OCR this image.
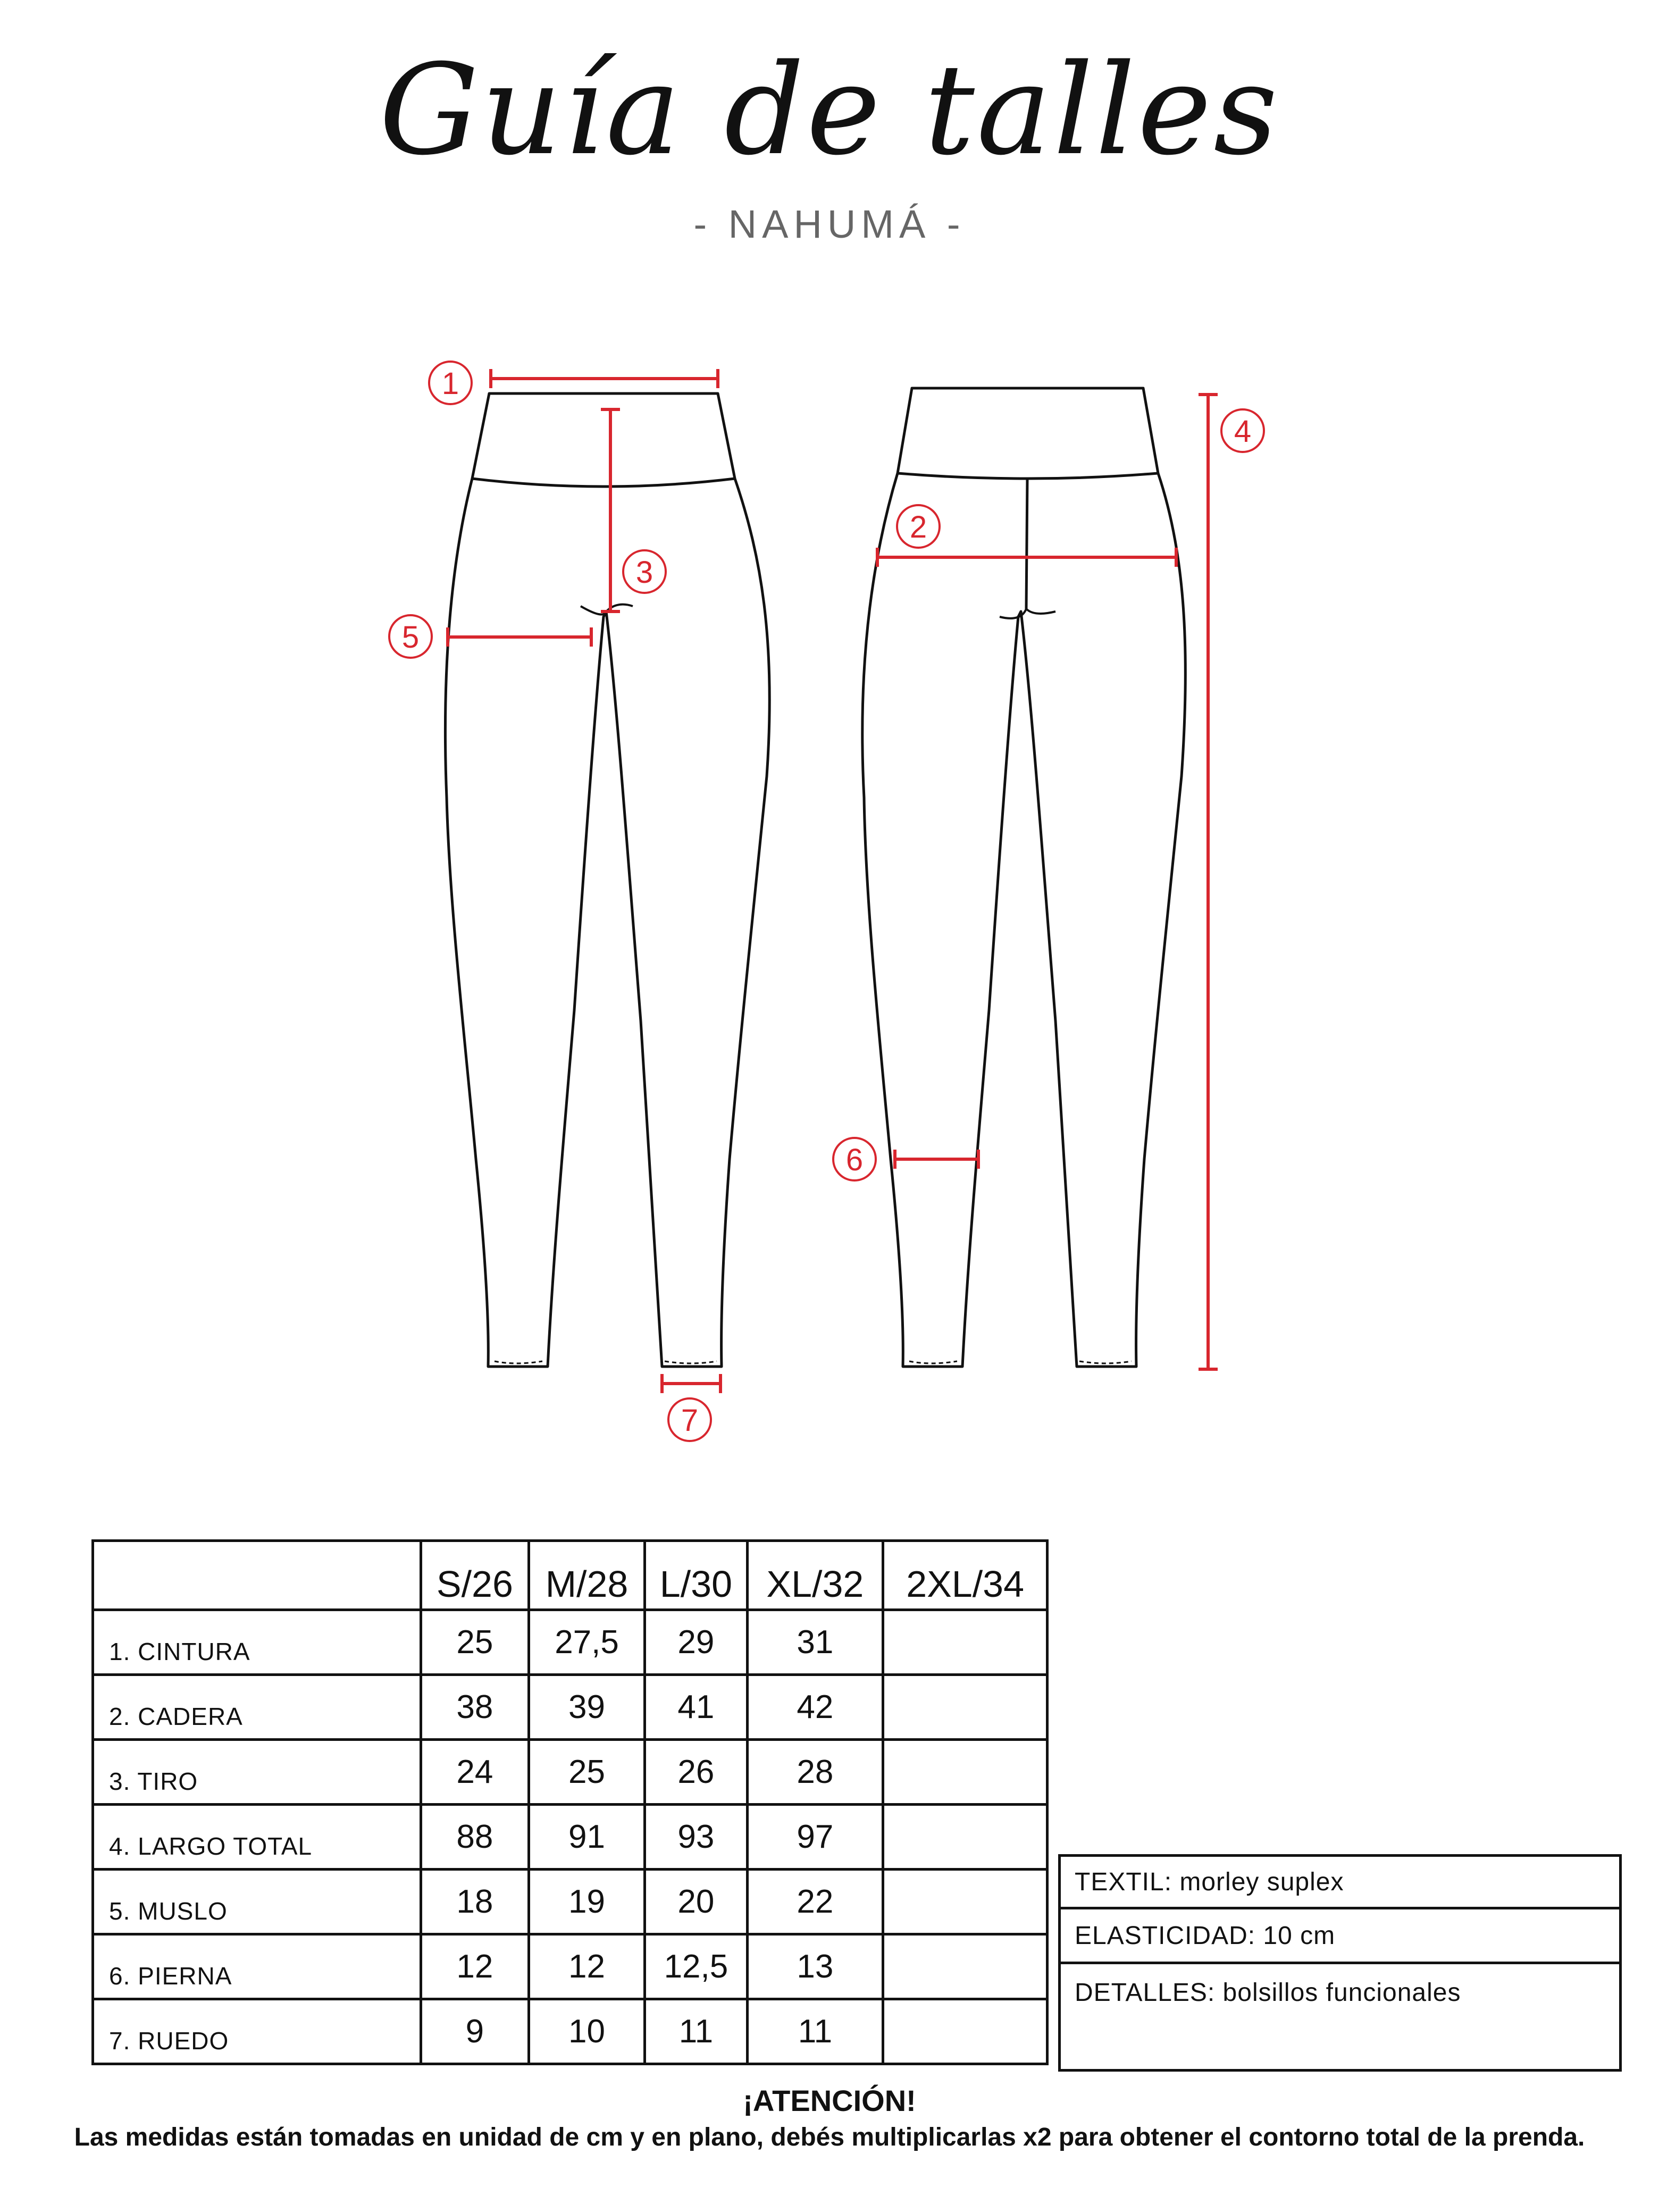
Guía de talles
- NAHUMÁ -
1
2
3
4
5
6
7
	S/26	M/28	L/30	XL/32	2XL/34
1. CINTURA	25	27,5	29	31	
2. CADERA	38	39	41	42	
3. TIRO	24	25	26	28	
4. LARGO TOTAL	88	91	93	97	
5. MUSLO	18	19	20	22	
6. PIERNA	12	12	12,5	13	
7. RUEDO	9	10	11	11	
TEXTIL: morley suplex
ELASTICIDAD: 10 cm
DETALLES: bolsillos funcionales
¡ATENCIÓN!
Las medidas están tomadas en unidad de cm y en plano, debés multiplicarlas x2 para obtener el contorno total de la prenda.
